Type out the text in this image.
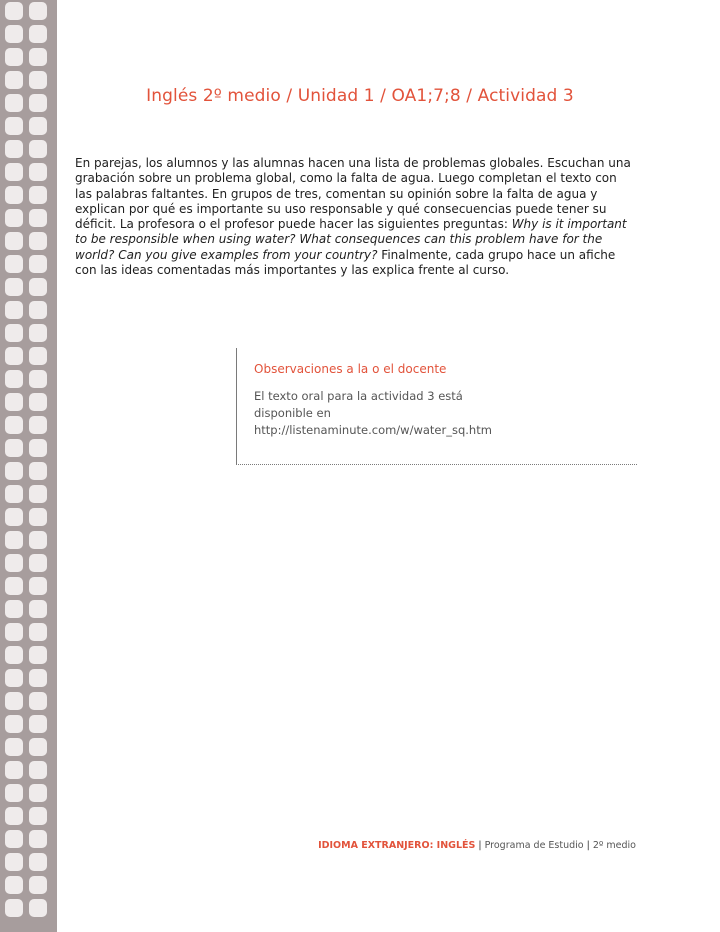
Inglés 2º medio / Unidad 1 / OA1;7;8 / Actividad 3

En parejas, los alumnos y las alumnas hacen una lista de problemas globales. Escuchan una grabación sobre un problema global, como la falta de agua. Luego completan el texto con las palabras faltantes. En grupos de tres, comentan su opinión sobre la falta de agua y explican por qué es importante su uso responsable y qué consecuencias puede tener su déficit. La profesora o el profesor puede hacer las siguientes preguntas: Why is it important to be responsible when using water? What consequences can this problem have for the world? Can you give examples from your country? Finalmente, cada grupo hace un afiche con las ideas comentadas más importantes y las explica frente al curso.

Observaciones a la o el docente

El texto oral para la actividad 3 está
disponible en
http://listenaminute.com/w/water_sq.htm

IDIOMA EXTRANJERO: INGLÉS | Programa de Estudio | 2º medio
